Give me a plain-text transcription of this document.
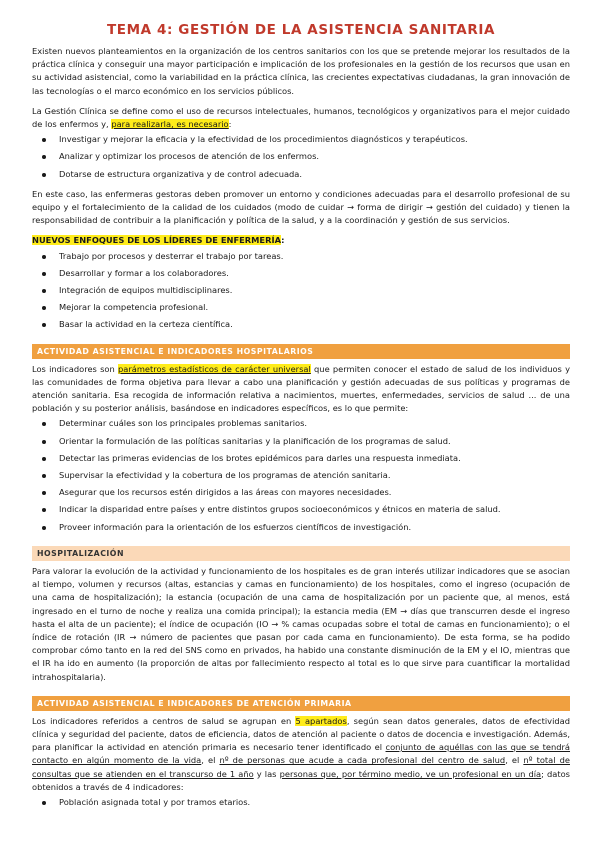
TEMA 4: GESTIÓN DE LA ASISTENCIA SANITARIA

Existen nuevos planteamientos en la organización de los centros sanitarios con los que se pretende mejorar los resultados de la práctica clínica y conseguir una mayor participación e implicación de los profesionales en la gestión de los recursos que usan en su actividad asistencial, como la variabilidad en la práctica clínica, las crecientes expectativas ciudadanas, la gran innovación de las tecnologías o el marco económico en los servicios públicos.

La Gestión Clínica se define como el uso de recursos intelectuales, humanos, tecnológicos y organizativos para el mejor cuidado de los enfermos y, para realizarla, es necesario:

Investigar y mejorar la eficacia y la efectividad de los procedimientos diagnósticos y terapéuticos.
Analizar y optimizar los procesos de atención de los enfermos.
Dotarse de estructura organizativa y de control adecuada.

En este caso, las enfermeras gestoras deben promover un entorno y condiciones adecuadas para el desarrollo profesional de su equipo y el fortalecimiento de la calidad de los cuidados (modo de cuidar → forma de dirigir → gestión del cuidado) y tienen la responsabilidad de contribuir a la planificación y política de la salud, y a la coordinación y gestión de sus servicios.

NUEVOS ENFOQUES DE LOS LÍDERES DE ENFERMERÍA:

Trabajo por procesos y desterrar el trabajo por tareas.
Desarrollar y formar a los colaboradores.
Integración de equipos multidisciplinares.
Mejorar la competencia profesional.
Basar la actividad en la certeza científica.
ACTIVIDAD ASISTENCIAL E INDICADORES HOSPITALARIOS

Los indicadores son parámetros estadísticos de carácter universal que permiten conocer el estado de salud de los individuos y las comunidades de forma objetiva para llevar a cabo una planificación y gestión adecuadas de sus políticas y programas de atención sanitaria. Esa recogida de información relativa a nacimientos, muertes, enfermedades, servicios de salud ... de una población y su posterior análisis, basándose en indicadores específicos, es lo que permite:

Determinar cuáles son los principales problemas sanitarios.
Orientar la formulación de las políticas sanitarias y la planificación de los programas de salud.
Detectar las primeras evidencias de los brotes epidémicos para darles una respuesta inmediata.
Supervisar la efectividad y la cobertura de los programas de atención sanitaria.
Asegurar que los recursos estén dirigidos a las áreas con mayores necesidades.
Indicar la disparidad entre países y entre distintos grupos socioeconómicos y étnicos en materia de salud.
Proveer información para la orientación de los esfuerzos científicos de investigación.
HOSPITALIZACIÓN

Para valorar la evolución de la actividad y funcionamiento de los hospitales es de gran interés utilizar indicadores que se asocian al tiempo, volumen y recursos (altas, estancias y camas en funcionamiento) de los hospitales, como el ingreso (ocupación de una cama de hospitalización); la estancia (ocupación de una cama de hospitalización por un paciente que, al menos, está ingresado en el turno de noche y realiza una comida principal); la estancia media (EM → días que transcurren desde el ingreso hasta el alta de un paciente); el índice de ocupación (IO → % camas ocupadas sobre el total de camas en funcionamiento); o el índice de rotación (IR → número de pacientes que pasan por cada cama en funcionamiento). De esta forma, se ha podido comprobar cómo tanto en la red del SNS como en privados, ha habido una constante disminución de la EM y el IO, mientras que el IR ha ido en aumento (la proporción de altas por fallecimiento respecto al total es lo que sirve para cuantificar la mortalidad intrahospitalaria).

ACTIVIDAD ASISTENCIAL E INDICADORES DE ATENCIÓN PRIMARIA

Los indicadores referidos a centros de salud se agrupan en 5 apartados, según sean datos generales, datos de efectividad clínica y seguridad del paciente, datos de eficiencia, datos de atención al paciente o datos de docencia e investigación. Además, para planificar la actividad en atención primaria es necesario tener identificado el conjunto de aquéllas con las que se tendrá contacto en algún momento de la vida, el nº de personas que acude a cada profesional del centro de salud, el nº total de consultas que se atienden en el transcurso de 1 año y las personas que, por término medio, ve un profesional en un día; datos obtenidos a través de 4 indicadores:

Población asignada total y por tramos etarios.
